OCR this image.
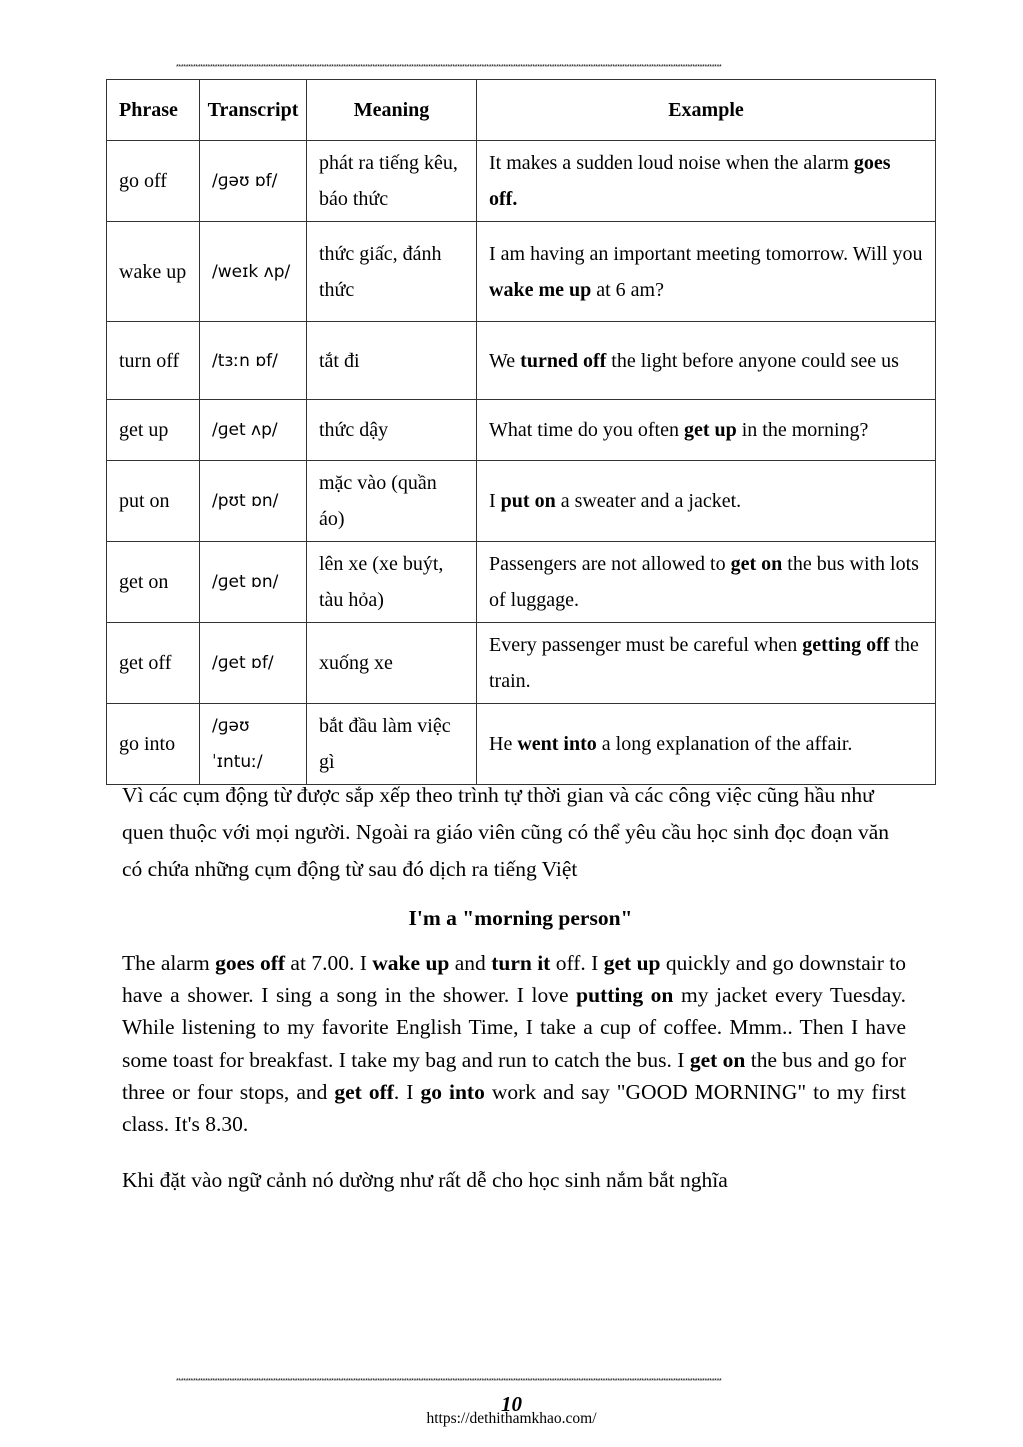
*********************************************************************************************************************************************************************************************************************************
Phrase	Transcript	Meaning	Example
go off	/ɡəʊ ɒf/	phát ra tiếng kêu, báo thức	It makes a sudden loud noise when the alarm goes off.
wake up	/weɪk ʌp/	thức giấc, đánh thức	I am having an important meeting tomorrow. Will you wake me up at 6 am?
turn off	/tɜːn ɒf/	tắt đi	We turned off the light before anyone could see us
get up	/ɡet ʌp/	thức dậy	What time do you often get up in the morning?
put on	/pʊt ɒn/	mặc vào (quần áo)	I put on a sweater and a jacket.
get on	/ɡet ɒn/	lên xe (xe buýt, tàu hỏa)	Passengers are not allowed to get on the bus with lots of luggage.
get off	/ɡet ɒf/	xuống xe	Every passenger must be careful when getting off the train.
go into	/ɡəʊ ˈɪntuː/	bắt đầu làm việc gì	He went into a long explanation of the affair.

Vì các cụm động từ được sắp xếp theo trình tự thời gian và các công việc cũng hầu như quen thuộc với mọi người. Ngoài ra giáo viên cũng có thể yêu cầu học sinh đọc đoạn văn có chứa những cụm động từ sau đó dịch ra tiếng Việt

I'm a "morning person"

The alarm goes off at 7.00. I wake up and turn it off. I get up quickly and go downstair to have a shower. I sing a song in the shower. I love putting on my jacket every Tuesday. While listening to my favorite English Time, I take a cup of coffee. Mmm.. Then I have some toast for breakfast. I take my bag and run to catch the bus. I get on the bus and go for three or four stops, and get off. I go into work and say "GOOD MORNING" to my first class. It's 8.30.

Khi đặt vào ngữ cảnh nó dường như rất dễ cho học sinh nắm bắt nghĩa

*********************************************************************************************************************************************************************************************************************************
10
https://dethithamkhao.com/
